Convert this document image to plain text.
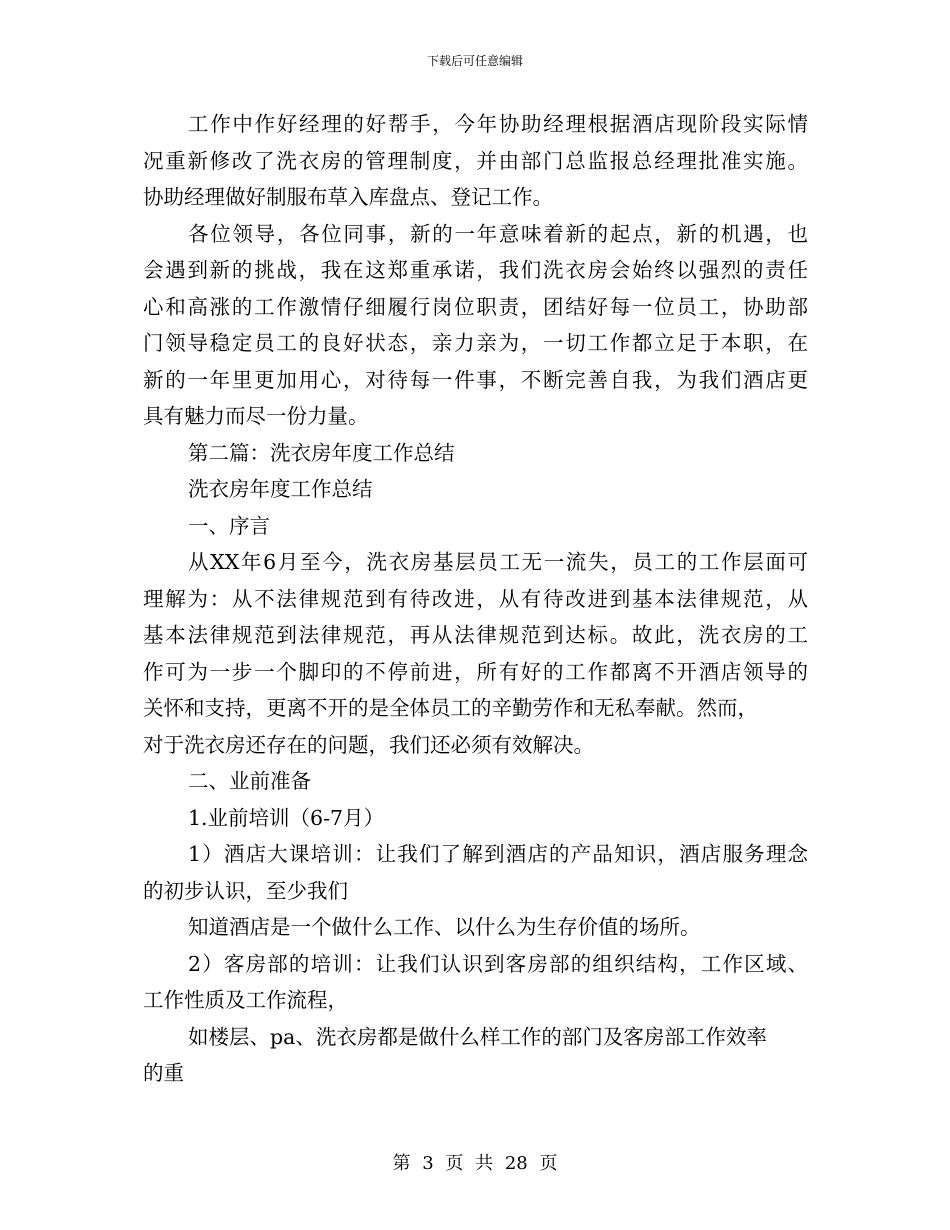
下载后可任意编辑
工作中作好经理的好帮手，今年协助经理根据酒店现阶段实际情
况重新修改了洗衣房的管理制度，并由部门总监报总经理批准实施。
协助经理做好制服布草入库盘点、登记工作。
各位领导，各位同事，新的一年意味着新的起点，新的机遇，也
会遇到新的挑战，我在这郑重承诺，我们洗衣房会始终以强烈的责任
心和高涨的工作激情仔细履行岗位职责，团结好每一位员工，协助部
门领导稳定员工的良好状态，亲力亲为，一切工作都立足于本职，在
新的一年里更加用心，对待每一件事，不断完善自我，为我们酒店更
具有魅力而尽一份力量。
第二篇：洗衣房年度工作总结
洗衣房年度工作总结
一、序言
从XX年6月至今，洗衣房基层员工无一流失，员工的工作层面可
理解为：从不法律规范到有待改进，从有待改进到基本法律规范，从
基本法律规范到法律规范，再从法律规范到达标。故此，洗衣房的工
作可为一步一个脚印的不停前进，所有好的工作都离不开酒店领导的
关怀和支持，更离不开的是全体员工的辛勤劳作和无私奉献。然而，
对于洗衣房还存在的问题，我们还必须有效解决。
二、业前准备
1.业前培训（6-7月）
1）酒店大课培训：让我们了解到酒店的产品知识，酒店服务理念
的初步认识，至少我们
知道酒店是一个做什么工作、以什么为生存价值的场所。
2）客房部的培训：让我们认识到客房部的组织结构，工作区域、
工作性质及工作流程，
如楼层、pa、洗衣房都是做什么样工作的部门及客房部工作效率
的重
第 3 页 共 28 页
